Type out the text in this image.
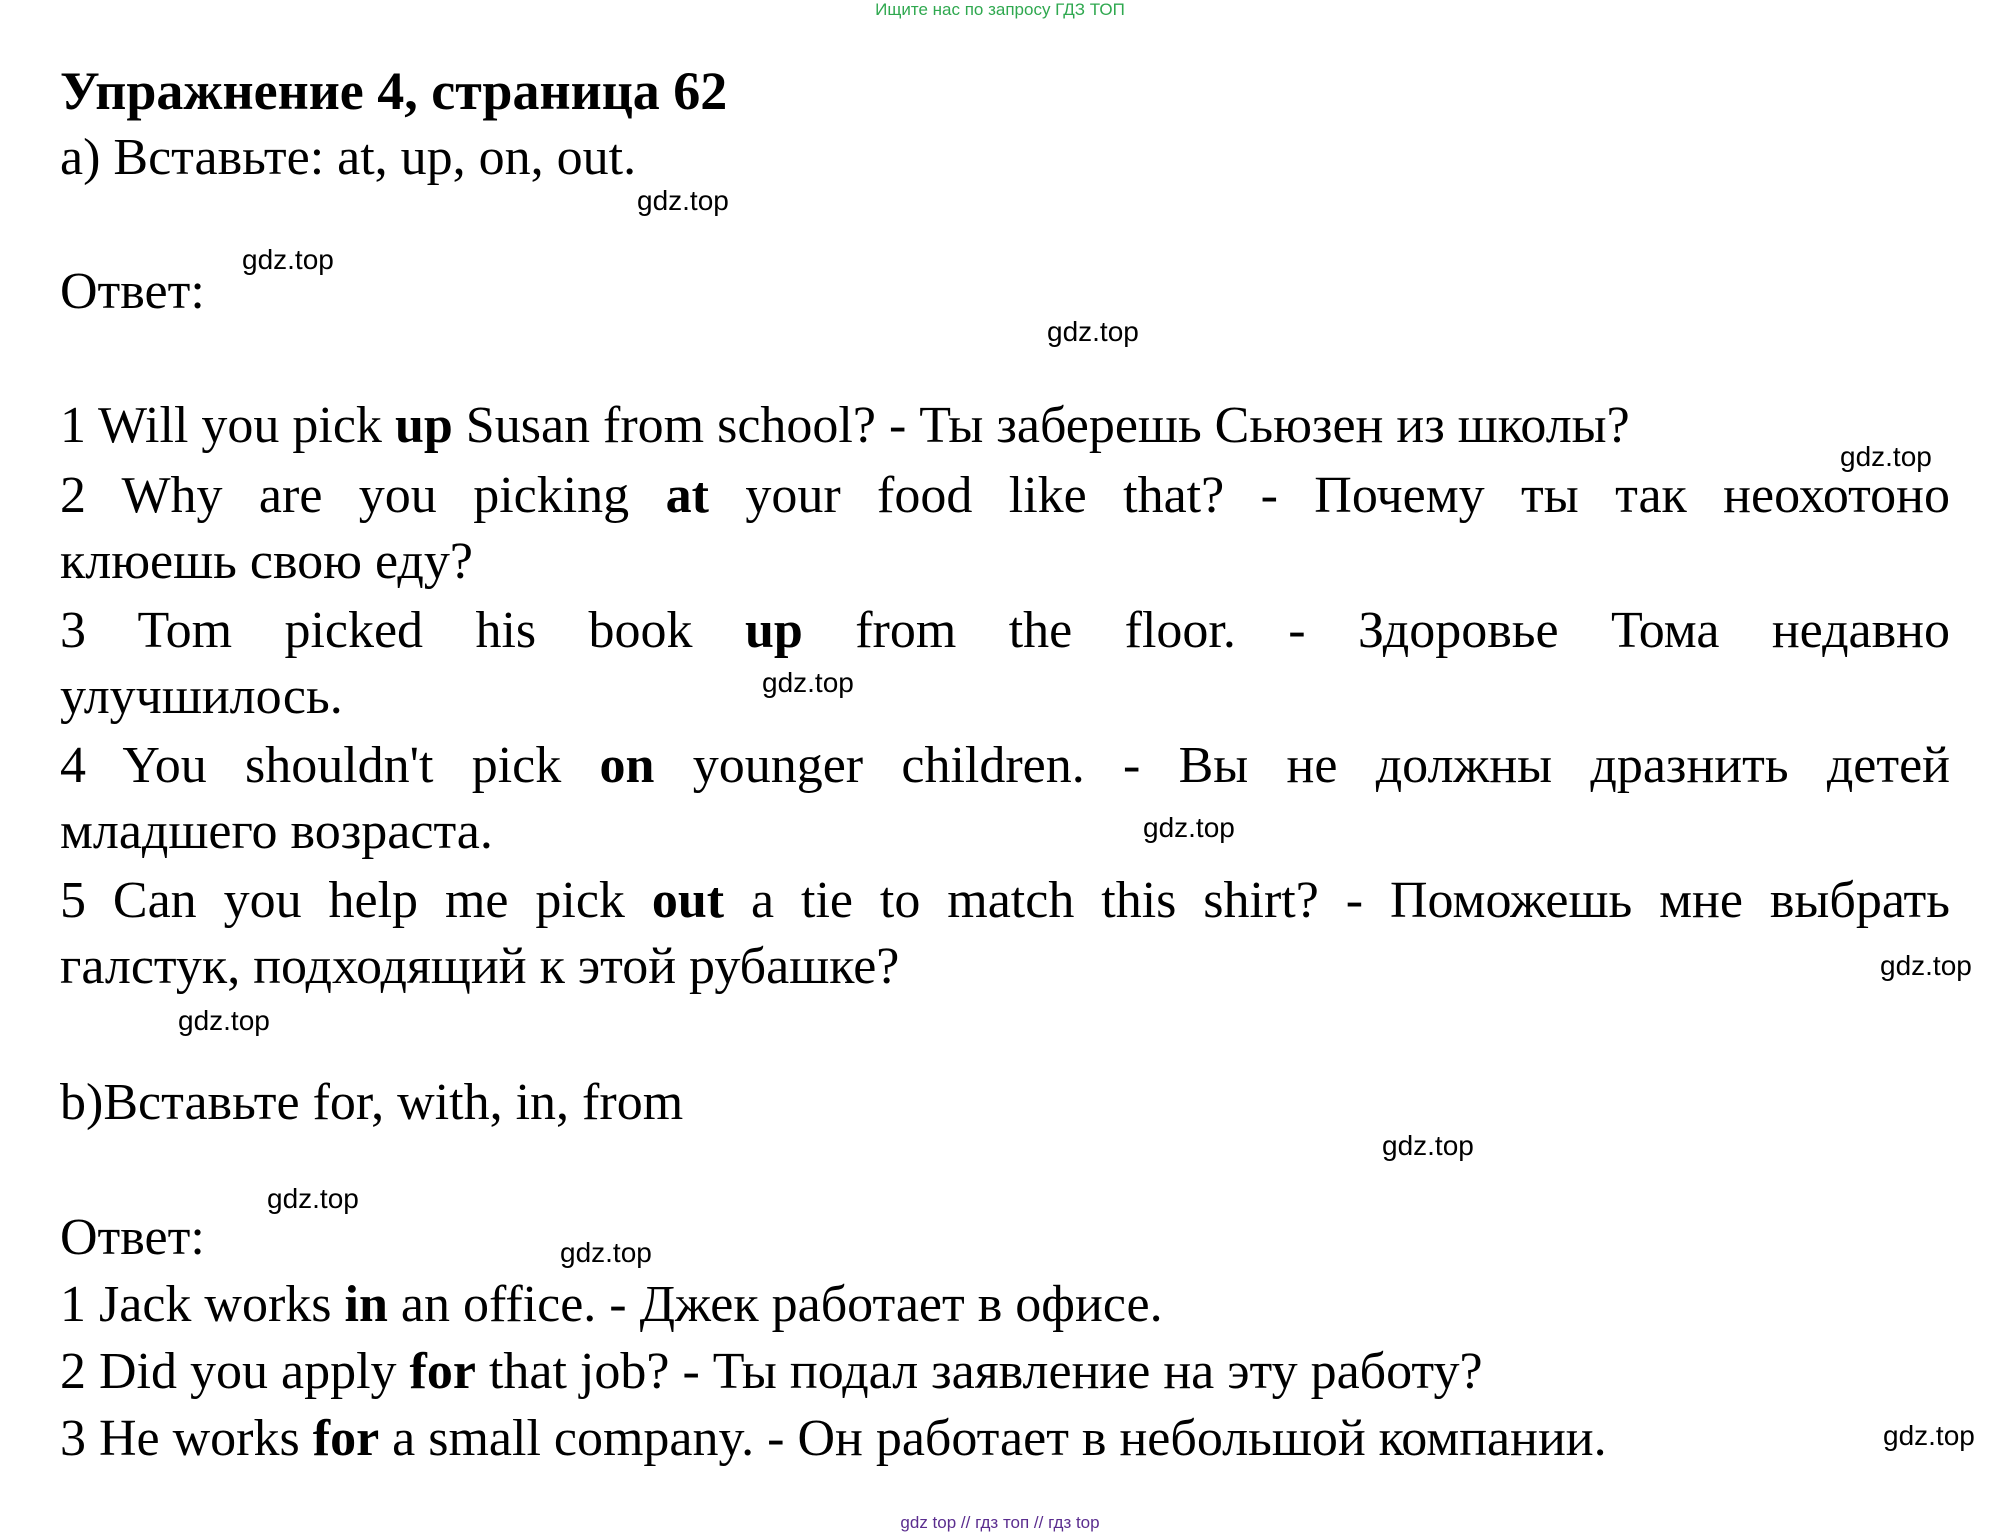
Ищите нас по запросу ГДЗ ТОП
Упражнение 4, страница 62
a) Вставьте: at, up, on, out.
Ответ:
1 Will you pick up Susan from school? - Ты заберешь Сьюзен из школы?
2 Why are you picking at your food like that? - Почему ты так неохотоно
клюешь свою еду?
3 Tom picked his book up from the floor. - Здоровье Тома недавно
улучшилось.
4 You shouldn't pick on younger children. - Вы не должны дразнить детей
младшего возраста.
5 Can you help me pick out a tie to match this shirt? - Поможешь мне выбрать
галстук, подходящий к этой рубашке?
b)Вставьте for, with, in, from
Ответ:
1 Jack works in an office. - Джек работает в офисе.
2 Did you apply for that job? - Ты подал заявление на эту работу?
3 He works for a small company. - Он работает в небольшой компании.
gdz.top
gdz.top
gdz.top
gdz.top
gdz.top
gdz.top
gdz.top
gdz.top
gdz.top
gdz.top
gdz.top
gdz.top
gdz top // гдз топ // гдз top
